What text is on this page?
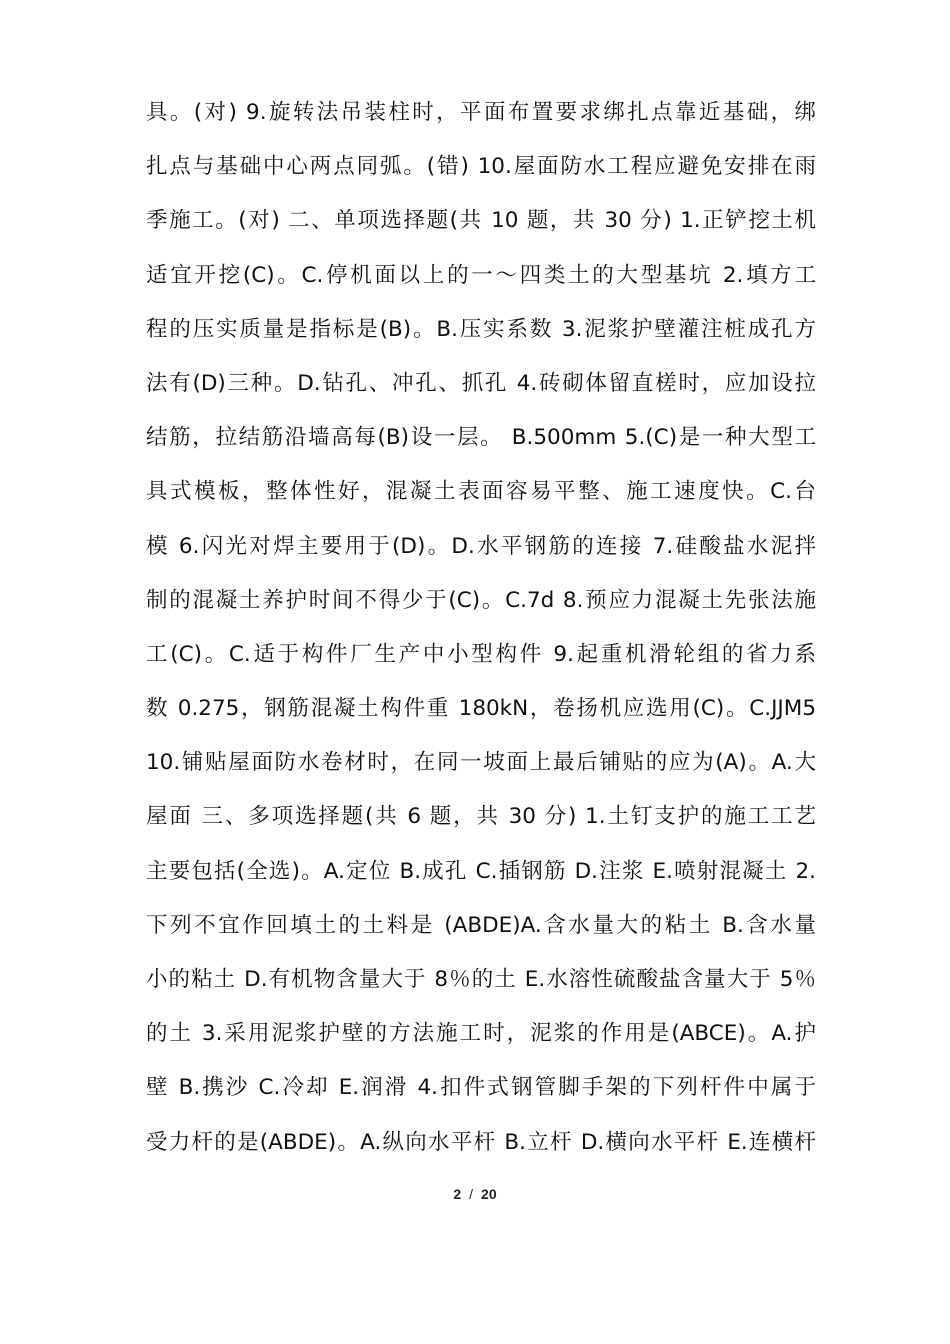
具。(对) 9.旋转法吊装柱时，平面布置要求绑扎点靠近基础，绑
扎点与基础中心两点同弧。(错) 10.屋面防水工程应避免安排在雨
季施工。(对) 二、单项选择题(共 10 题，共 30 分) 1.正铲挖土机
适宜开挖(C)。C.停机面以上的一～四类土的大型基坑 2.填方工
程的压实质量是指标是(B)。B.压实系数 3.泥浆护壁灌注桩成孔方
法有(D)三种。D.钻孔、冲孔、抓孔 4.砖砌体留直槎时，应加设拉
结筋，拉结筋沿墙高每(B)设一层。 B.500mm 5.(C)是一种大型工
具式模板，整体性好，混凝土表面容易平整、施工速度快。C.台
模 6.闪光对焊主要用于(D)。D.水平钢筋的连接 7.硅酸盐水泥拌
制的混凝土养护时间不得少于(C)。C.7d 8.预应力混凝土先张法施
工(C)。C.适于构件厂生产中小型构件 9.起重机滑轮组的省力系
数 0.275，钢筋混凝土构件重 180kN，卷扬机应选用(C)。C.JJM5
10.铺贴屋面防水卷材时，在同一坡面上最后铺贴的应为(A)。A.大
屋面 三、多项选择题(共 6 题，共 30 分) 1.土钉支护的施工工艺
主要包括(全选)。A.定位 B.成孔 C.插钢筋 D.注浆 E.喷射混凝土 2.
下列不宜作回填土的土料是 (ABDE)A.含水量大的粘土 B.含水量
小的粘土 D.有机物含量大于 8％的土 E.水溶性硫酸盐含量大于 5％
的土 3.采用泥浆护壁的方法施工时，泥浆的作用是(ABCE)。A.护
壁 B.携沙 C.冷却 E.润滑 4.扣件式钢管脚手架的下列杆件中属于
受力杆的是(ABDE)。A.纵向水平杆 B.立杆 D.横向水平杆 E.连横杆
2 / 20
